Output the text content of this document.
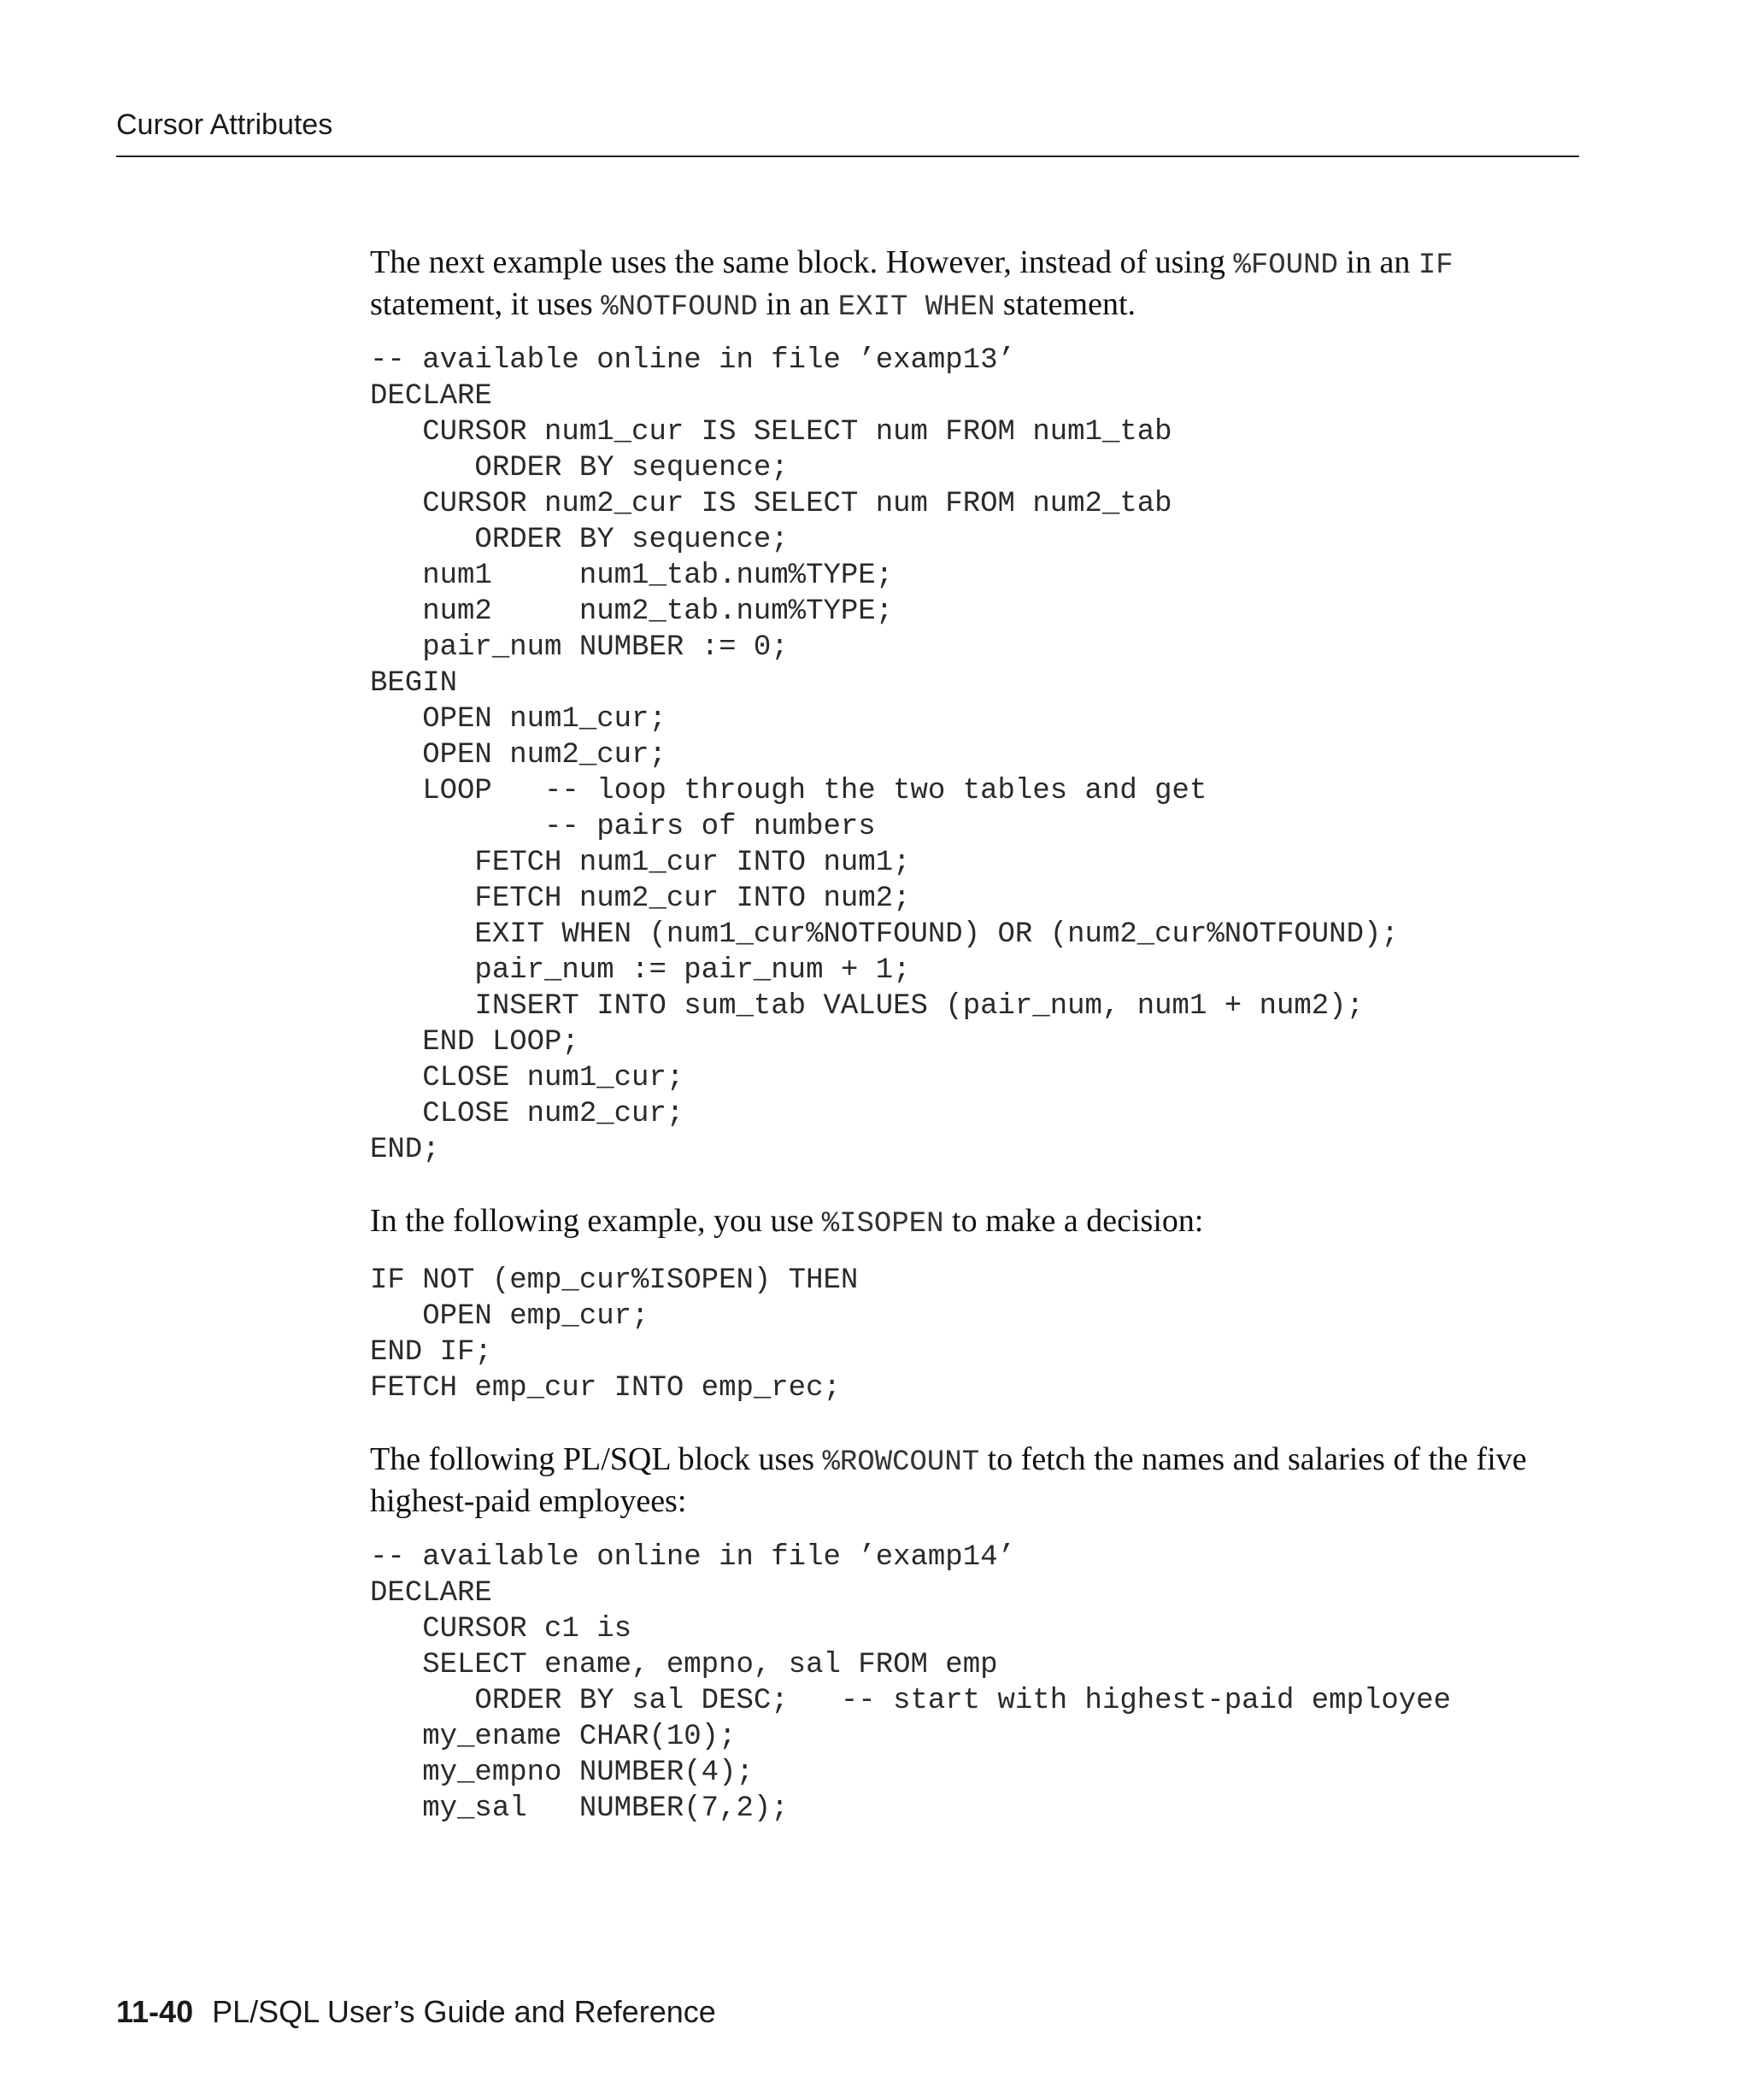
Cursor Attributes

The next example uses the same block. However, instead of using %FOUND in an IF statement, it uses %NOTFOUND in an EXIT WHEN statement.

-- available online in file ’examp13’
DECLARE
CURSOR num1_cur IS SELECT num FROM num1_tab
ORDER BY sequence;
CURSOR num2_cur IS SELECT num FROM num2_tab
ORDER BY sequence;
num1     num1_tab.num%TYPE;
num2     num2_tab.num%TYPE;
pair_num NUMBER := 0;
BEGIN
OPEN num1_cur;
OPEN num2_cur;
LOOP   -- loop through the two tables and get
-- pairs of numbers
FETCH num1_cur INTO num1;
FETCH num2_cur INTO num2;
EXIT WHEN (num1_cur%NOTFOUND) OR (num2_cur%NOTFOUND);
pair_num := pair_num + 1;
INSERT INTO sum_tab VALUES (pair_num, num1 + num2);
END LOOP;
CLOSE num1_cur;
CLOSE num2_cur;
END;

In the following example, you use %ISOPEN to make a decision:

IF NOT (emp_cur%ISOPEN) THEN
OPEN emp_cur;
END IF;
FETCH emp_cur INTO emp_rec;

The following PL/SQL block uses %ROWCOUNT to fetch the names and salaries of the five highest-paid employees:

-- available online in file ’examp14’
DECLARE
CURSOR c1 is
SELECT ename, empno, sal FROM emp
ORDER BY sal DESC;   -- start with highest-paid employee
my_ename CHAR(10);
my_empno NUMBER(4);
my_sal   NUMBER(7,2);
11-40 PL/SQL User’s Guide and Reference
